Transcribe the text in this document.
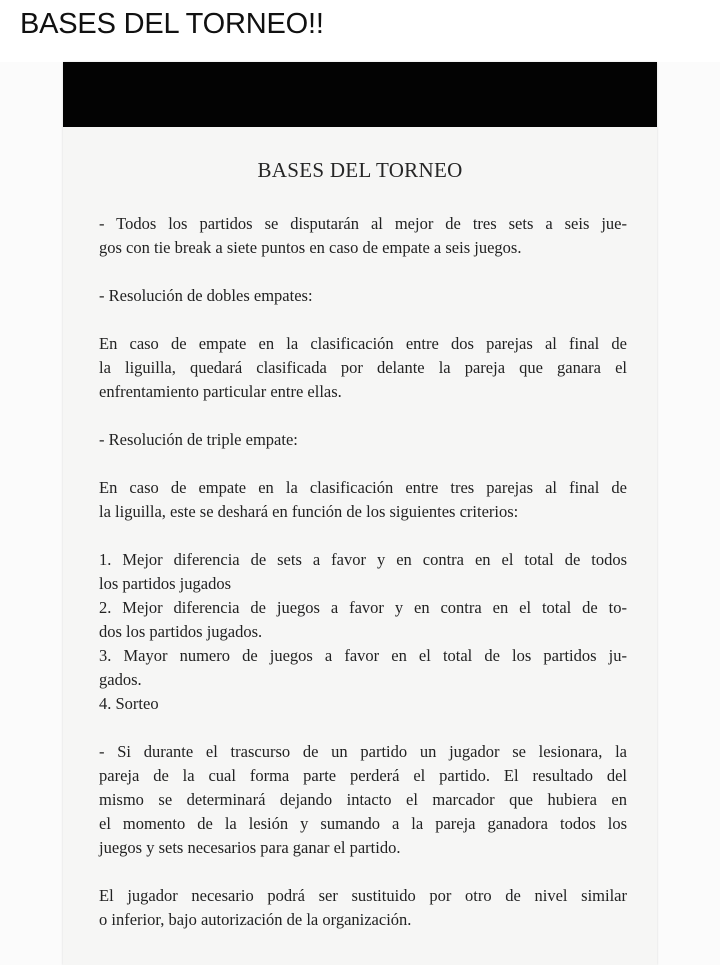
BASES DEL TORNEO!!
BASES DEL TORNEO
- Todos los partidos se disputarán al mejor de tres sets a seis jue-
gos con tie break a siete puntos en caso de empate a seis juegos.
- Resolución de dobles empates:
En caso de empate en la clasificación entre dos parejas al final de
la liguilla, quedará clasificada por delante la pareja que ganara el
enfrentamiento particular entre ellas.
- Resolución de triple empate:
En caso de empate en la clasificación entre tres parejas al final de
la liguilla, este se deshará en función de los siguientes criterios:
1. Mejor diferencia de sets a favor y en contra en el total de todos
los partidos jugados
2. Mejor diferencia de juegos a favor y en contra en el total de to-
dos los partidos jugados.
3. Mayor numero de juegos a favor en el total de los partidos ju-
gados.
4. Sorteo
- Si durante el trascurso de un partido un jugador se lesionara, la
pareja de la cual forma parte perderá el partido. El resultado del
mismo se determinará dejando intacto el marcador que hubiera en
el momento de la lesión y sumando a la pareja ganadora todos los
juegos y sets necesarios para ganar el partido.
El jugador necesario podrá ser sustituido por otro de nivel similar
o inferior, bajo autorización de la organización.
